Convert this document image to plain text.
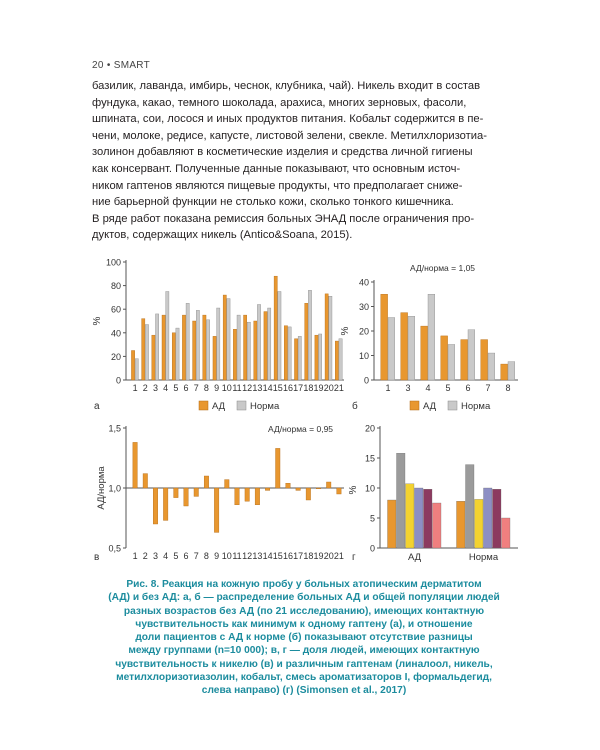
20 • SMART

базилик, лаванда, имбирь, чеснок, клубника, чай). Никель входит в состав

фундука, какао, темного шоколада, арахиса, многих зерновых, фасоли,

шпината, сои, лосося и иных продуктов питания. Кобальт содержится в пе-

чени, молоке, редисе, капусте, листовой зелени, свекле. Метилхлоризотиа-

золинон добавляют в косметические изделия и средства личной гигиены

как консервант. Полученные данные показывают, что основным источ-

ником гаптенов являются пищевые продукты, что предполагает сниже-

ние барьерной функции не столько кожи, сколько тонкого кишечника.

В ряде работ показана ремиссия больных ЭНАД после ограничения про-

дуктов, содержащих никель (Antico&Soana, 2015).

0
20
40
60
80
100
1 2 3 4 5 6 7 8 9 10 11 12 13 14 15 16 17 18 19 20 21
%
а	АД	Норма
0
10
20
30
40
1 3 4 5 6 7 8
%
б
АД/норма = 1,05
АД	Норма
0,5
1,0
1,5
1 2 3 4 5 6 7 8 9 10 11 12 13 14 15 16 17 18 19 20 21
АД/норма
в
АД/норма = 0,95
0
5
10
15
20
АД	Норма
%
г
Рис. 8. Реакция на кожную пробу у больных атопическим дерматитом
(АД) и без АД: а, б — распределение больных АД и общей популяции людей
разных возрастов без АД (по 21 исследованию), имеющих контактную
чувствительность как минимум к одному гаптену (а), и отношение
доли пациентов с АД к норме (б) показывают отсутствие разницы
между группами (n=10 000); в, г — доля людей, имеющих контактную
чувствительность к никелю (в) и различным гаптенам (линалоол, никель,
метилхлоризотиазолин, кобальт, смесь ароматизаторов I, формальдегид,
слева направо) (г) (Simonsen et al., 2017)
